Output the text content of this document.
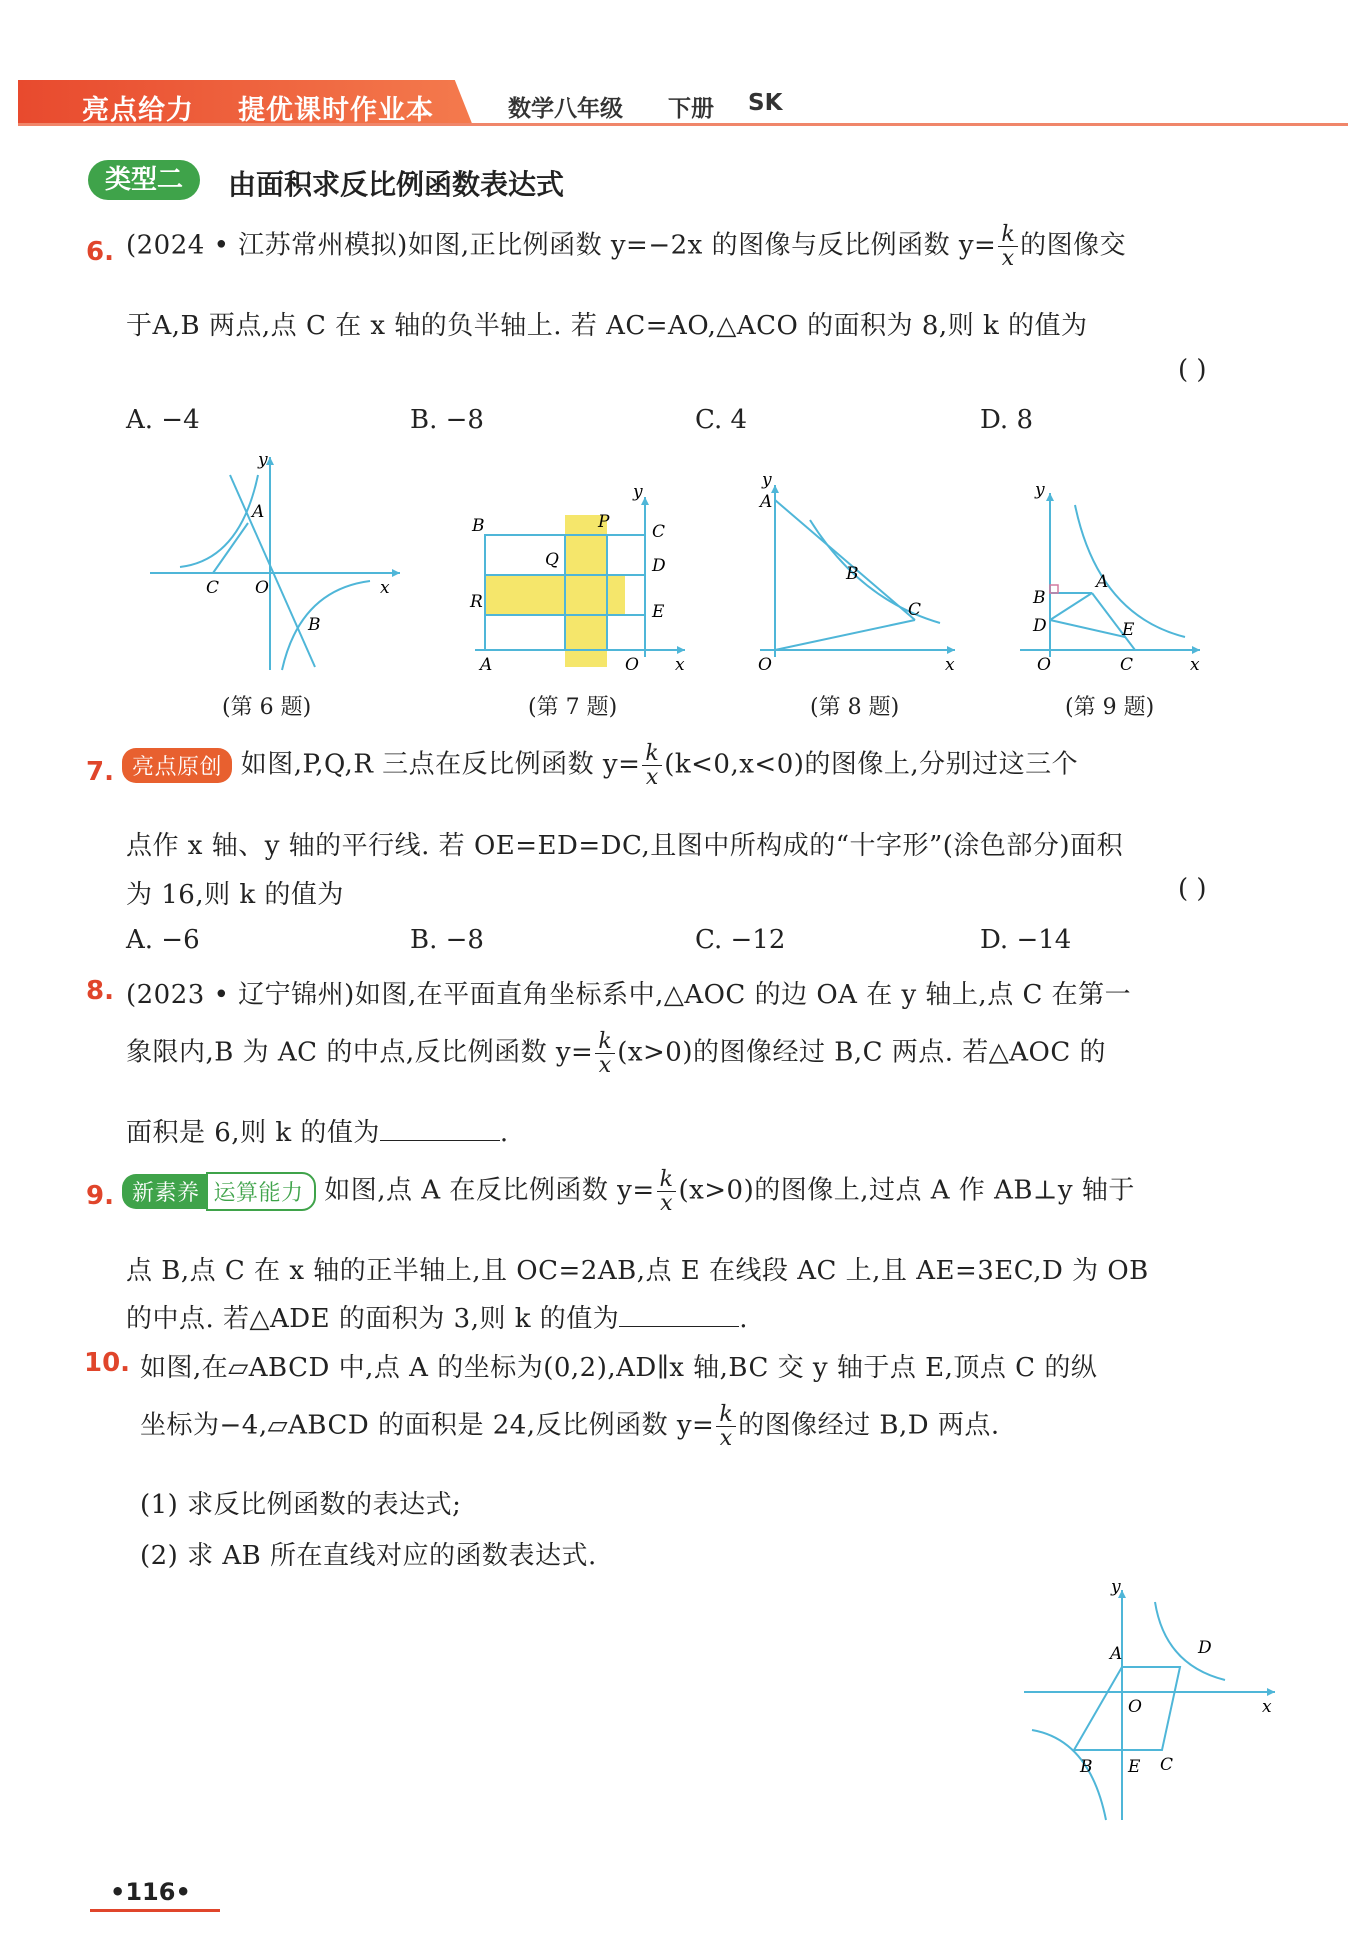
亮点给力 提优课时作业本	数学八年级 下册 SK
类型二	由面积求反比例函数表达式
6. (2024 • 江苏常州模拟)如图,正比例函数 y=−2x 的图像与反比例函数 $y= \frac{k}{x}$ 的图像交
于A,B 两点,点 C 在 x 轴的负半轴上. 若 AC=AO,△ACO 的面积为 8,则 k 的值为
( )
A. −4	B. −8	C. 4	D. 8
y
x
A
B
C O
y
x
B	P	C
Q	D
R	E
A	O
y
x
A
B
C
O
y
x
A
B
D	E
C
O
(第 6 题)	(第 7 题)	(第 8 题)	(第 9 题)
7. 亮点原创 如图,P,Q,R 三点在反比例函数 $y= \frac{k}{x} (k<0,x<0)$的图像上,分别过这三个
点作 x 轴、y 轴的平行线. 若 OE=ED=DC,且图中所构成的“十字形”(涂色部分)面积
为 16,则 k 的值为	( )
A. −6	B. −8	C. −12	D. −14
8. (2023 • 辽宁锦州)如图,在平面直角坐标系中,△AOC 的边 OA 在 y 轴上,点 C 在第一
象限内,B 为 AC 的中点,反比例函数 $y= \frac{k}{x} (x>0)$的图像经过 B,C 两点. 若△AOC 的
面积是 6,则 k 的值为	.
9. 新素养 运算能力 如图,点 A 在反比例函数 $y= \frac{k}{x} (x>0)$的图像上,过点 A 作 AB⊥y 轴于
点 B,点 C 在 x 轴的正半轴上,且 OC=2AB,点 E 在线段 AC 上,且 AE=3EC,D 为 OB
的中点. 若△ADE 的面积为 3,则 k 的值为	.
10. 如图,在▱ABCD 中,点 A 的坐标为(0,2),AD∥x 轴,BC 交 y 轴于点 E,顶点 C 的纵
坐标为−4,▱ABCD 的面积是 24,反比例函数 $y= \frac{k}{x}$ 的图像经过 B,D 两点.
(1) 求反比例函数的表达式;
(2) 求 AB 所在直线对应的函数表达式.
y
x
A	D
O
B E C
•116•
